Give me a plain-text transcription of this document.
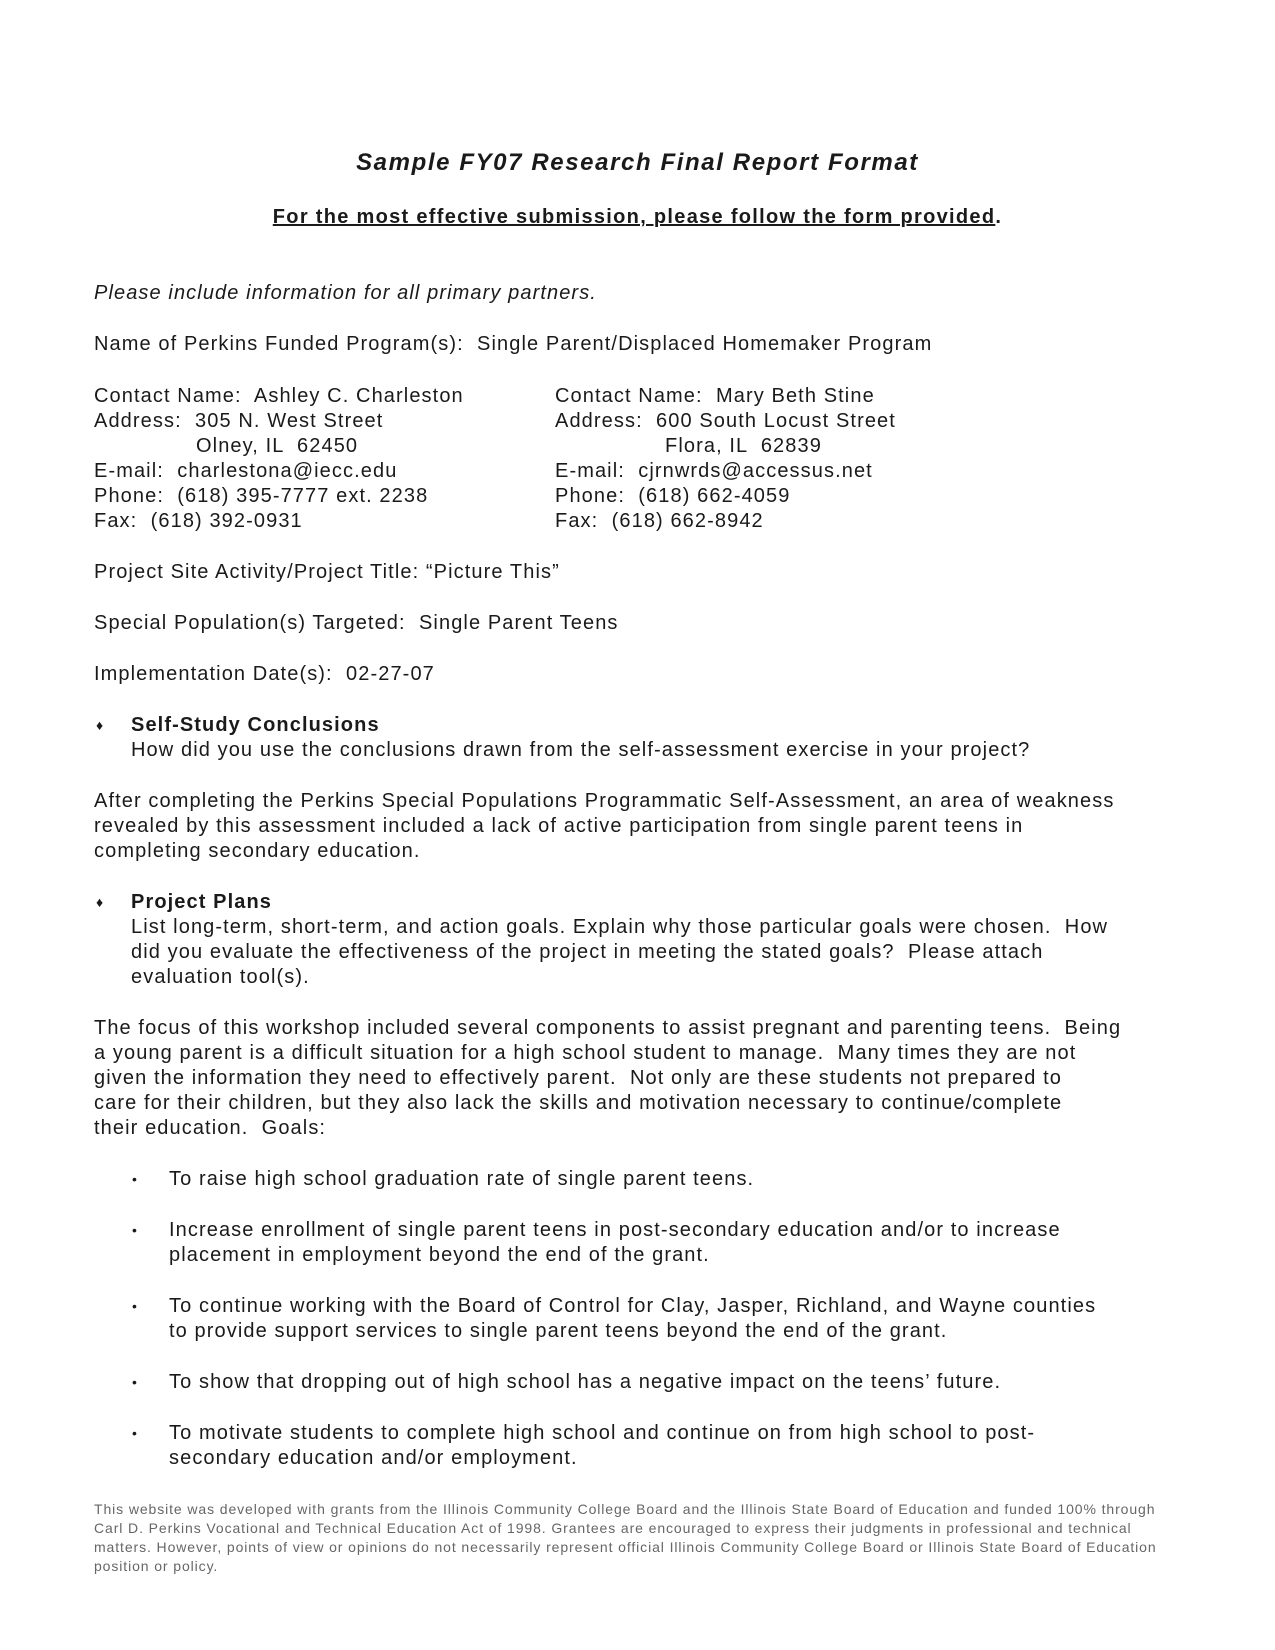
Sample FY07 Research Final Report Format
For the most effective submission, please follow the form provided.

Please include information for all primary partners.

Name of Perkins Funded Program(s):  Single Parent/Displaced Homemaker Program

Contact Name:  Ashley C. Charleston

Address:  305 N. West Street

Olney, IL  62450

E-mail:  charlestona@iecc.edu

Phone:  (618) 395-7777 ext. 2238

Fax:  (618) 392-0931

Contact Name:  Mary Beth Stine

Address:  600 South Locust Street

Flora, IL  62839

E-mail:  cjrnwrds@accessus.net

Phone:  (618) 662-4059

Fax:  (618) 662-8942

Project Site Activity/Project Title: “Picture This”

Special Population(s) Targeted:  Single Parent Teens

Implementation Date(s):  02-27-07

♦ Self-Study Conclusions

How did you use the conclusions drawn from the self-assessment exercise in your project?

After completing the Perkins Special Populations Programmatic Self-Assessment, an area of weakness

revealed by this assessment included a lack of active participation from single parent teens in

completing secondary education.

♦ Project Plans

List long-term, short-term, and action goals. Explain why those particular goals were chosen.  How

did you evaluate the effectiveness of the project in meeting the stated goals?  Please attach

evaluation tool(s).

The focus of this workshop included several components to assist pregnant and parenting teens.  Being

a young parent is a difficult situation for a high school student to manage.  Many times they are not

given the information they need to effectively parent.  Not only are these students not prepared to

care for their children, but they also lack the skills and motivation necessary to continue/complete

their education.  Goals:

• To raise high school graduation rate of single parent teens.

• Increase enrollment of single parent teens in post-secondary education and/or to increase

placement in employment beyond the end of the grant.

• To continue working with the Board of Control for Clay, Jasper, Richland, and Wayne counties

to provide support services to single parent teens beyond the end of the grant.

• To show that dropping out of high school has a negative impact on the teens’ future.

• To motivate students to complete high school and continue on from high school to post-

secondary education and/or employment.

This website was developed with grants from the Illinois Community College Board and the Illinois State Board of Education and funded 100% through Carl D. Perkins Vocational and Technical Education Act of 1998. Grantees are encouraged to express their judgments in professional and technical matters. However, points of view or opinions do not necessarily represent official Illinois Community College Board or Illinois State Board of Education position or policy.
